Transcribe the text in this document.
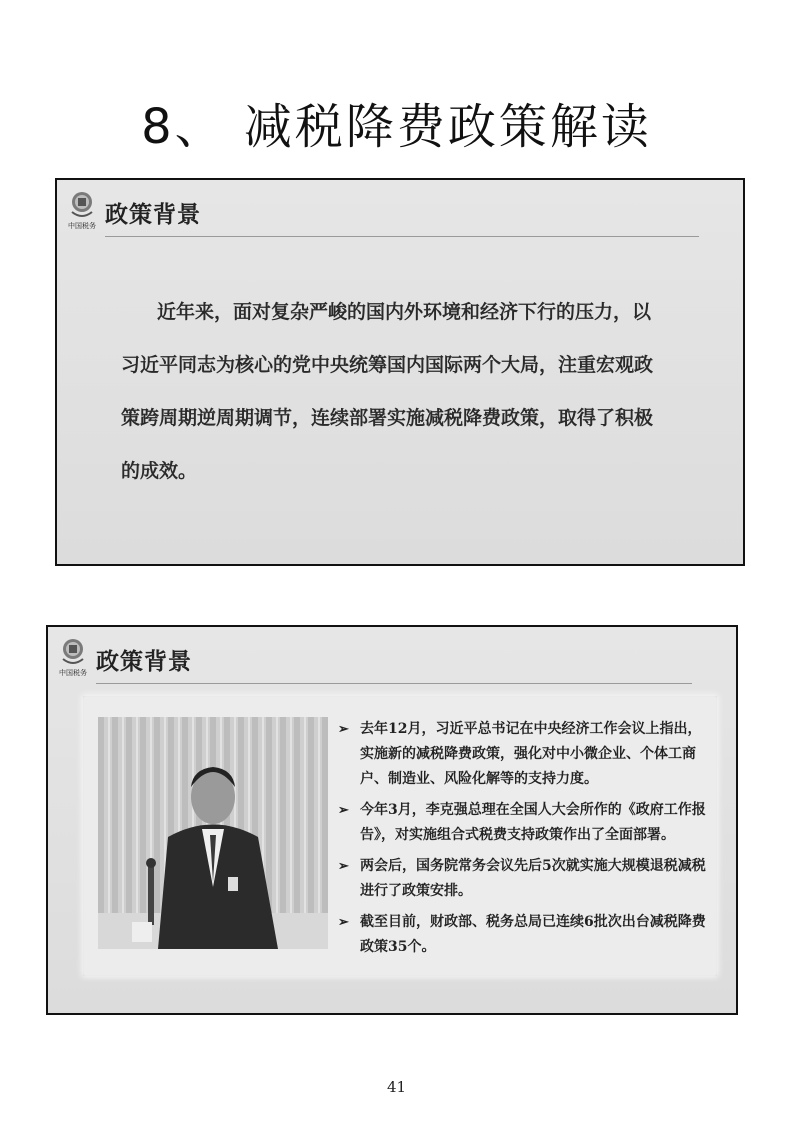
8、 减税降费政策解读
中国税务 政策背景

近年来，面对复杂严峻的国内外环境和经济下行的压力，以
习近平同志为核心的党中央统筹国内国际两个大局，注重宏观政
策跨周期逆周期调节，连续部署实施减税降费政策，取得了积极
的成效。

中国税务 政策背景
➢ 去年12月，习近平总书记在中央经济工作会议上指出，实施新的减税降费政策，强化对中小微企业、个体工商户、制造业、风险化解等的支持力度。
➢ 今年3月，李克强总理在全国人大会所作的《政府工作报告》，对实施组合式税费支持政策作出了全面部署。
➢ 两会后，国务院常务会议先后5次就实施大规模退税减税进行了政策安排。
➢ 截至目前，财政部、税务总局已连续6批次出台减税降费政策35个。
41
